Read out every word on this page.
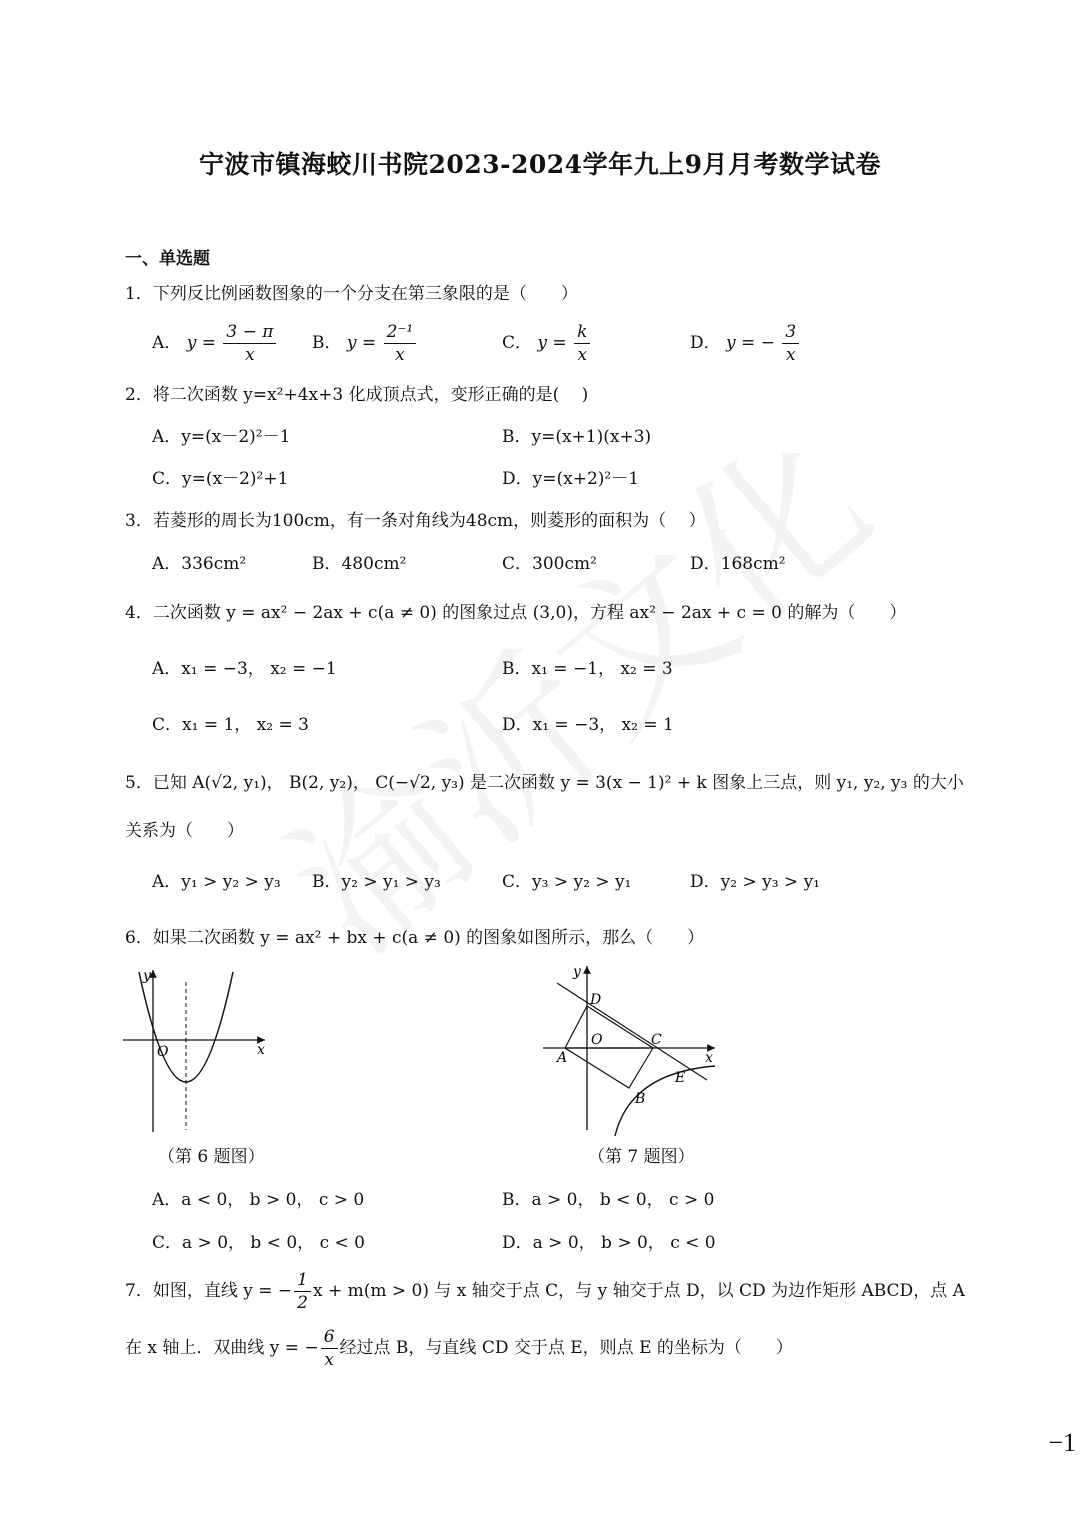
宁波市镇海蛟川书院2023-2024学年九上9月月考数学试卷
一、单选题
1．下列反比例函数图象的一个分支在第三象限的是（　　）
A． $y = \frac{3 - \pi}{x}$ B． $y = \frac{\text{2⁻¹}}{x}$	C． $y = \frac{k}{x}$	D． y = − $\frac{3}{x}$
2．将二次函数 y=x²+4x+3 化成顶点式，变形正确的是(　 )
A．y=(x－2)²－1	B．y=(x+1)(x+3)
C．y=(x－2)²+1	D．y=(x+2)²－1
3．若菱形的周长为100cm，有一条对角线为48cm，则菱形的面积为（　 ）
A．336cm²	B．480cm²	C．300cm²	D．168cm²
4．二次函数 y = ax² − 2ax + c(a ≠ 0) 的图象过点 (3,0)，方程 ax² − 2ax + c = 0 的解为（　　）
A．x₁ = −3， x₂ = −1	B．x₁ = −1， x₂ = 3
C．x₁ = 1， x₂ = 3	D．x₁ = −3， x₂ = 1
5．已知 A(√2, y₁)， B(2, y₂)， C(−√2, y₃) 是二次函数 y = 3(x − 1)² + k 图象上三点，则 y₁, y₂, y₃ 的大小
关系为（　　）
A．y₁ > y₂ > y₃ B．y₂ > y₁ > y₃	C．y₃ > y₂ > y₁	D．y₂ > y₃ > y₁
6．如果二次函数 y = ax² + bx + c(a ≠ 0) 的图象如图所示，那么（　　）
x
y
O
（第 6 题图）
x
y
O
A
B
C
D
E
（第 7 题图）
A．a < 0， b > 0， c > 0	B．a > 0， b < 0， c > 0
C．a > 0， b < 0， c < 0	D．a > 0， b > 0， c < 0
7．如图，直线 y = − $\frac{1}{2}$ x + m(m > 0) 与 x 轴交于点 C，与 y 轴交于点 D，以 CD 为边作矩形 ABCD，点 A
在 x 轴上．双曲线 y = − $\frac{6}{x}$ 经过点 B，与直线 CD 交于点 E，则点 E 的坐标为（　　）
−1
